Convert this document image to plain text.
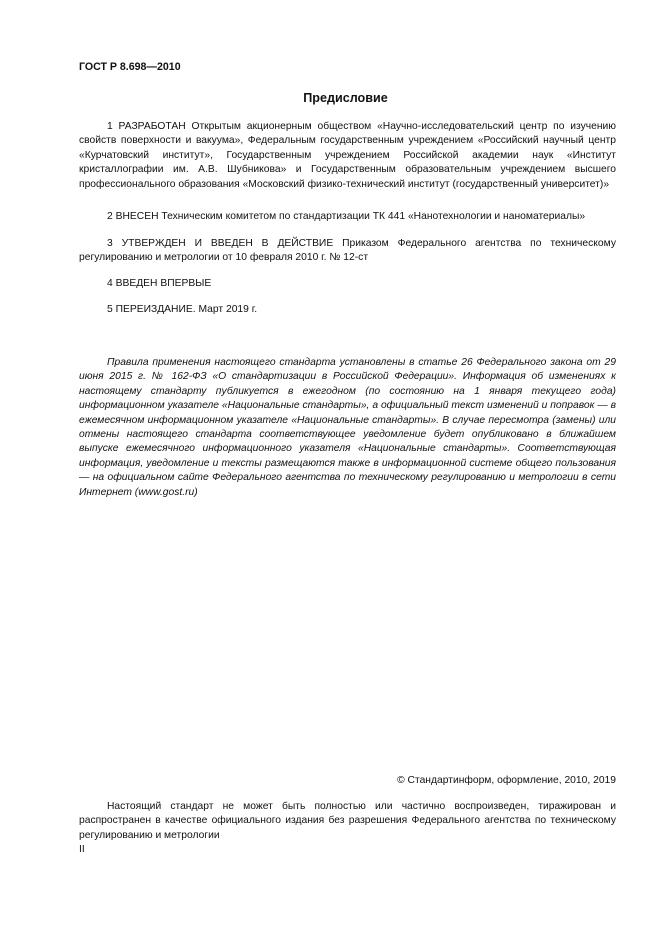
ГОСТ Р 8.698—2010
Предисловие
1 РАЗРАБОТАН Открытым акционерным обществом «Научно-исследовательский центр по изучению свойств поверхности и вакуума», Федеральным государственным учреждением «Российский научный центр «Курчатовский институт», Государственным учреждением Российской академии наук «Институт кристаллографии им. А.В. Шубникова» и Государственным образовательным учреждением высшего профессионального образования «Московский физико-технический институт (государственный университет)»
2 ВНЕСЕН Техническим комитетом по стандартизации ТК 441 «Нанотехнологии и наноматериалы»
3 УТВЕРЖДЕН И ВВЕДЕН В ДЕЙСТВИЕ Приказом Федерального агентства по техническому регулированию и метрологии от 10 февраля 2010 г. № 12-ст
4 ВВЕДЕН ВПЕРВЫЕ
5 ПЕРЕИЗДАНИЕ. Март 2019 г.
Правила применения настоящего стандарта установлены в статье 26 Федерального закона от 29 июня 2015 г. № 162-ФЗ «О стандартизации в Российской Федерации». Информация об изменениях к настоящему стандарту публикуется в ежегодном (по состоянию на 1 января текущего года) информационном указателе «Национальные стандарты», а официальный текст изменений и поправок — в ежемесячном информационном указателе «Национальные стандарты». В случае пересмотра (замены) или отмены настоящего стандарта соответствующее уведомление будет опубликовано в ближайшем выпуске ежемесячного информационного указателя «Национальные стандарты». Соответствующая информация, уведомление и тексты размещаются также в информационной системе общего пользования — на официальном сайте Федерального агентства по техническому регулированию и метрологии в сети Интернет (www.gost.ru)
© Стандартинформ, оформление, 2010, 2019
Настоящий стандарт не может быть полностью или частично воспроизведен, тиражирован и распространен в качестве официального издания без разрешения Федерального агентства по техническому регулированию и метрологии
II
